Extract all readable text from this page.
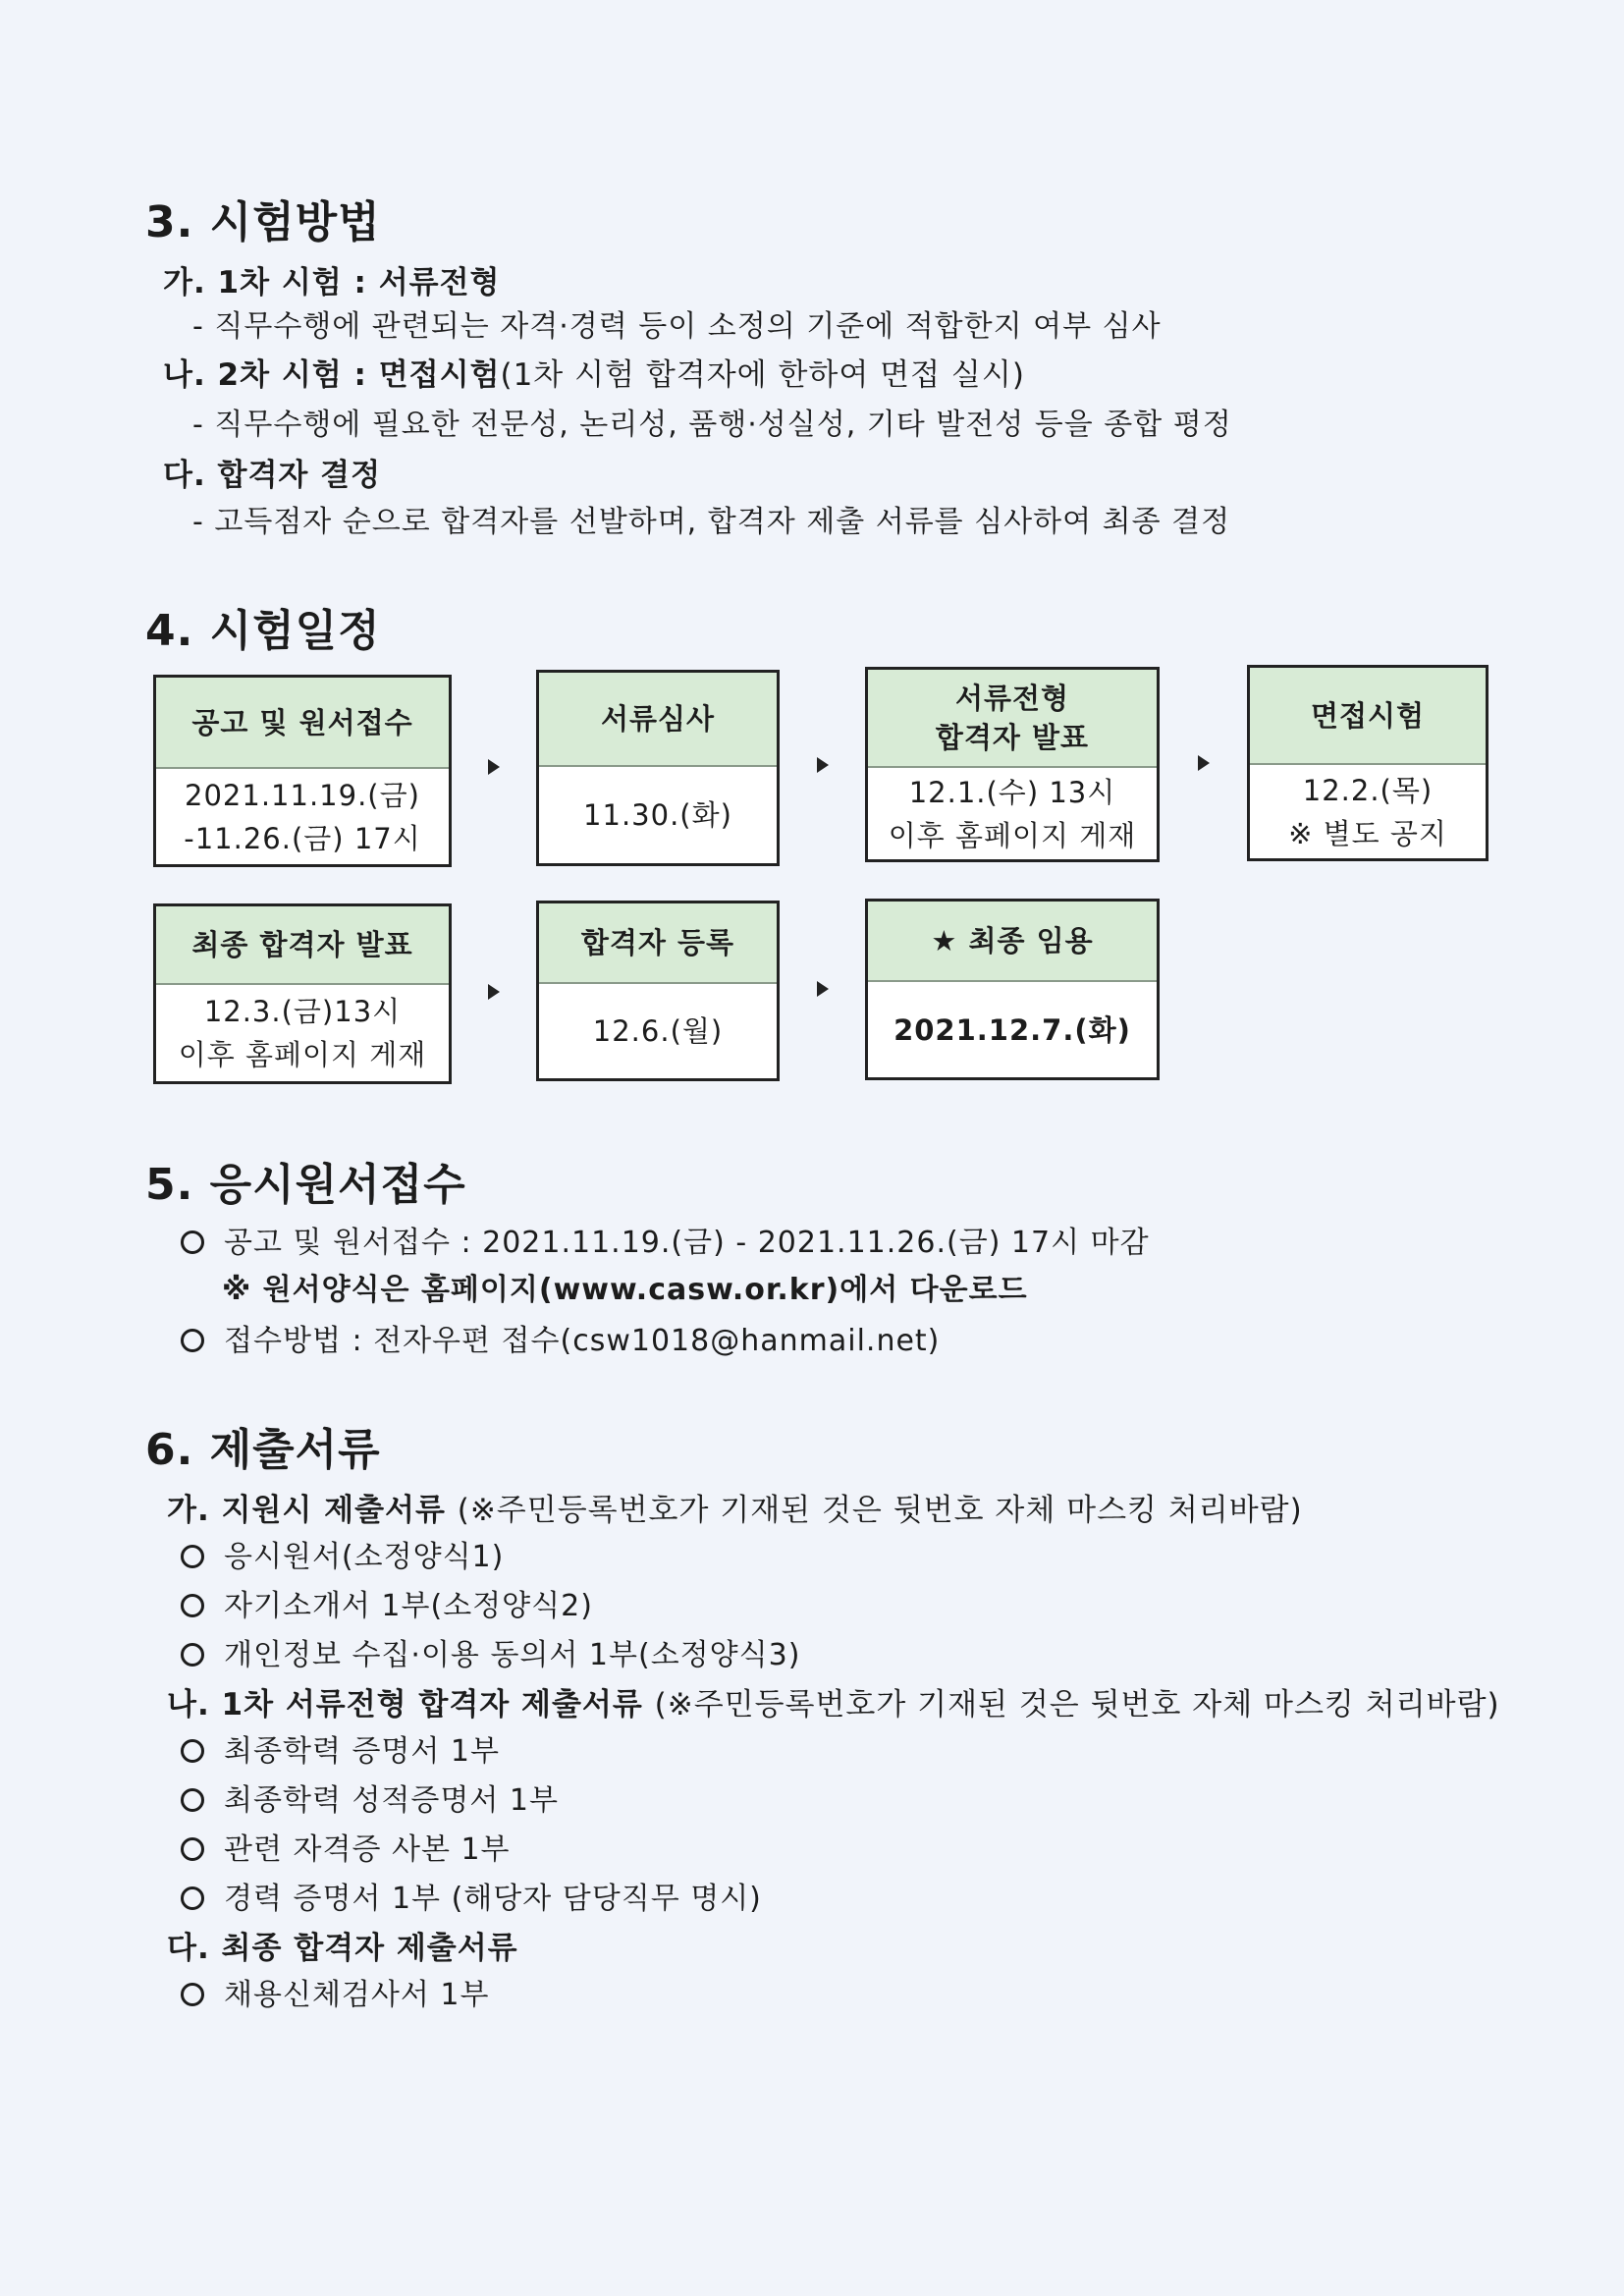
3. 시험방법
가. 1차 시험 : 서류전형
- 직무수행에 관련되는 자격·경력 등이 소정의 기준에 적합한지 여부 심사
나. 2차 시험 : 면접시험(1차 시험 합격자에 한하여 면접 실시)
- 직무수행에 필요한 전문성, 논리성, 품행·성실성, 기타 발전성 등을 종합 평정
다. 합격자 결정
- 고득점자 순으로 합격자를 선발하며, 합격자 제출 서류를 심사하여 최종 결정
4. 시험일정
공고 및 원서접수
2021.11.19.(금)
-11.26.(금) 17시
서류심사
11.30.(화)
서류전형
합격자 발표
12.1.(수) 13시
이후 홈페이지 게재
면접시험
12.2.(목)
※ 별도 공지
최종 합격자 발표
12.3.(금)13시
이후 홈페이지 게재
합격자 등록
12.6.(월)
★ 최종 임용
2021.12.7.(화)
5. 응시원서접수
공고 및 원서접수 : 2021.11.19.(금) - 2021.11.26.(금) 17시 마감
※ 원서양식은 홈페이지(www.casw.or.kr)에서 다운로드
접수방법 : 전자우편 접수(csw1018@hanmail.net)
6. 제출서류
가. 지원시 제출서류 (※주민등록번호가 기재된 것은 뒷번호 자체 마스킹 처리바람)
응시원서(소정양식1)
자기소개서 1부(소정양식2)
개인정보 수집·이용 동의서 1부(소정양식3)
나. 1차 서류전형 합격자 제출서류 (※주민등록번호가 기재된 것은 뒷번호 자체 마스킹 처리바람)
최종학력 증명서 1부
최종학력 성적증명서 1부
관련 자격증 사본 1부
경력 증명서 1부 (해당자 담당직무 명시)
다. 최종 합격자 제출서류
채용신체검사서 1부
